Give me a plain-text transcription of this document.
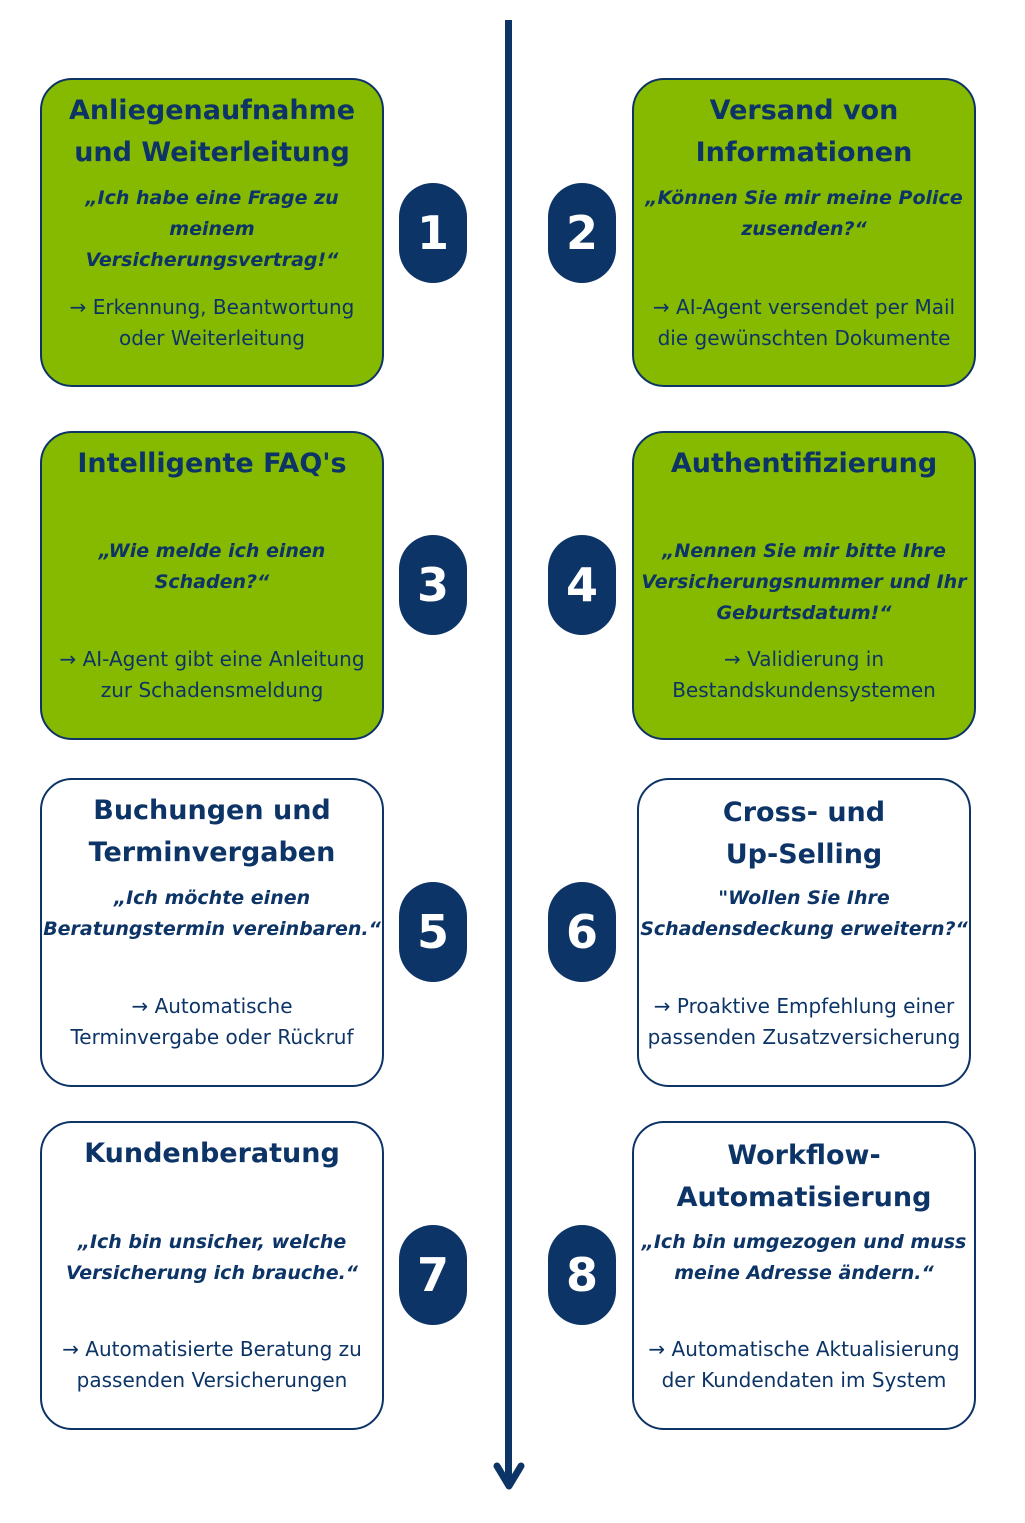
Anliegenaufnahme
und Weiterleitung
„Ich habe eine Frage zu
meinem Versicherungsvertrag!“
→ Erkennung, Beantwortung
oder Weiterleitung
1
Versand von
Informationen
„Können Sie mir meine Police
zusenden?“
→ AI-Agent versendet per Mail
die gewünschten Dokumente
2
Intelligente FAQ's
„Wie melde ich einen Schaden?“
→ AI-Agent gibt eine Anleitung
zur Schadensmeldung
3
Authentifizierung
„Nennen Sie mir bitte Ihre
Versicherungsnummer und Ihr
Geburtsdatum!“
→ Validierung in
Bestandskundensystemen
4
Buchungen und
Terminvergaben
„Ich möchte einen
Beratungstermin vereinbaren.“
→ Automatische
Terminvergabe oder Rückruf
5
Cross- und
Up-Selling
"Wollen Sie Ihre
Schadensdeckung erweitern?“
→ Proaktive Empfehlung einer
passenden Zusatzversicherung
6
Kundenberatung
„Ich bin unsicher, welche
Versicherung ich brauche.“
→ Automatisierte Beratung zu
passenden Versicherungen
7
Workflow-
Automatisierung
„Ich bin umgezogen und muss
meine Adresse ändern.“
→ Automatische Aktualisierung
der Kundendaten im System
8
